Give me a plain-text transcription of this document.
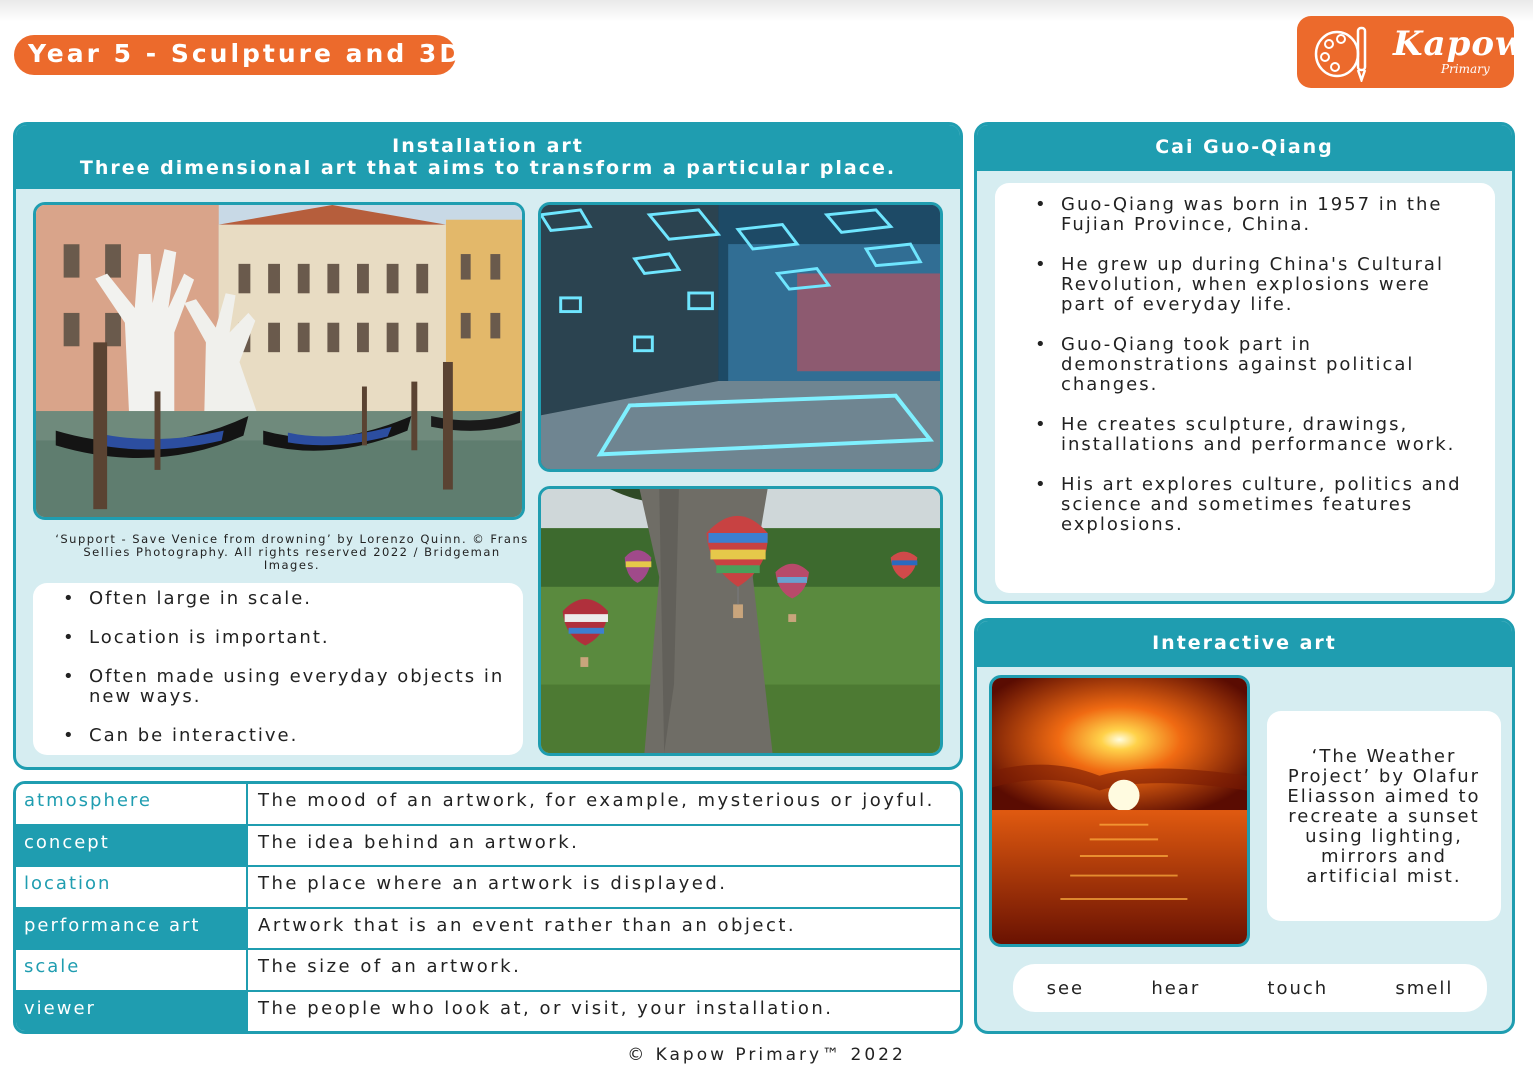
Year 5 - Sculpture and 3D	Kapow
Primary
Installation art
Three dimensional art that aims to transform a particular place.
‘Support - Save Venice from drowning’ by Lorenzo Quinn. © Frans Sellies Photography. All rights reserved 2022 / Bridgeman Images.
• Often large in scale.
• Location is important.
• Often made using everyday objects in new ways.
• Can be interactive.
atmosphere	The mood of an artwork, for example, mysterious or joyful.
concept	The idea behind an artwork.
location	The place where an artwork is displayed.
performance art	Artwork that is an event rather than an object.
scale	The size of an artwork.
viewer	The people who look at, or visit, your installation.
Cai Guo-Qiang
• Guo-Qiang was born in 1957 in the Fujian Province, China.
• He grew up during China's Cultural Revolution, when explosions were part of everyday life.
• Guo-Qiang took part in demonstrations against political changes.
• He creates sculpture, drawings, installations and performance work.
• His art explores culture, politics and science and sometimes features explosions.
Interactive art
‘The Weather Project’ by Olafur Eliasson aimed to recreate a sunset using lighting, mirrors and artificial mist.
see	hear	touch	smell
© Kapow Primary™ 2022
